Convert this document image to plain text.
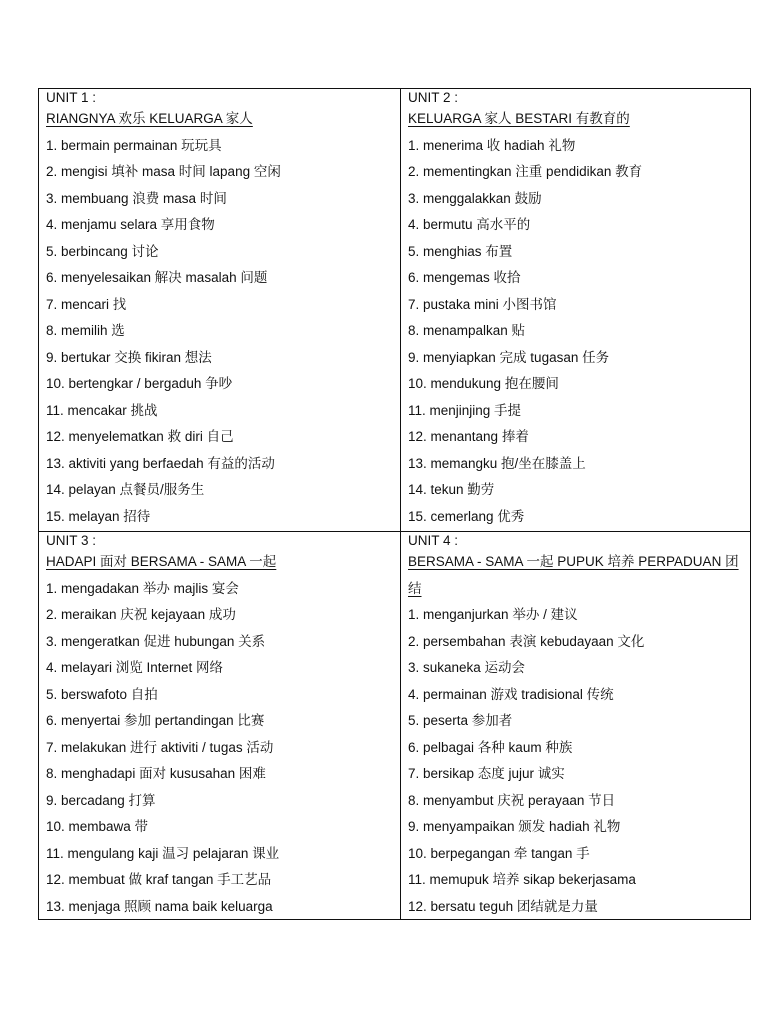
UNIT 1 :
RIANGNYA 欢乐 KELUARGA 家人
1. bermain permainan 玩玩具
2. mengisi 填补 masa 时间 lapang 空闲
3. membuang 浪费 masa 时间
4. menjamu selara 享用食物
5. berbincang 讨论
6. menyelesaikan 解决 masalah 问题
7. mencari 找
8. memilih 选
9. bertukar 交换 fikiran 想法
10. bertengkar / bergaduh 争吵
11. mencakar 挑战
12. menyelematkan 救 diri 自己
13. aktiviti yang berfaedah 有益的活动
14. pelayan 点餐员/服务生
15. melayan 招待
UNIT 2 :
KELUARGA 家人 BESTARI 有教育的
1. menerima 收 hadiah 礼物
2. mementingkan 注重 pendidikan 教育
3. menggalakkan 鼓励
4. bermutu 高水平的
5. menghias 布置
6. mengemas 收拾
7. pustaka mini 小图书馆
8. menampalkan 贴
9. menyiapkan 完成 tugasan 任务
10. mendukung 抱在腰间
11. menjinjing 手提
12. menantang 捧着
13. memangku 抱/坐在膝盖上
14. tekun 勤劳
15. cemerlang 优秀
UNIT 3 :
HADAPI 面对 BERSAMA - SAMA 一起
1. mengadakan 举办 majlis 宴会
2. meraikan 庆祝 kejayaan 成功
3. mengeratkan 促进 hubungan 关系
4. melayari 浏览 Internet 网络
5. berswafoto 自拍
6. menyertai 参加 pertandingan 比赛
7. melakukan 进行 aktiviti / tugas 活动
8. menghadapi 面对 kususahan 困难
9. bercadang 打算
10. membawa 带
11. mengulang kaji 温习 pelajaran 课业
12. membuat 做 kraf tangan 手工艺品
13. menjaga 照顾 nama baik keluarga
UNIT 4 :
BERSAMA - SAMA 一起 PUPUK 培养 PERPADUAN 团结
1. menganjurkan 举办 / 建议
2. persembahan 表演 kebudayaan 文化
3. sukaneka 运动会
4. permainan 游戏 tradisional 传统
5. peserta 参加者
6. pelbagai 各种 kaum 种族
7. bersikap 态度 jujur 诚实
8. menyambut 庆祝 perayaan 节日
9. menyampaikan 颁发 hadiah 礼物
10. berpegangan 牵 tangan 手
11. memupuk 培养 sikap bekerjasama
12. bersatu teguh 团结就是力量
